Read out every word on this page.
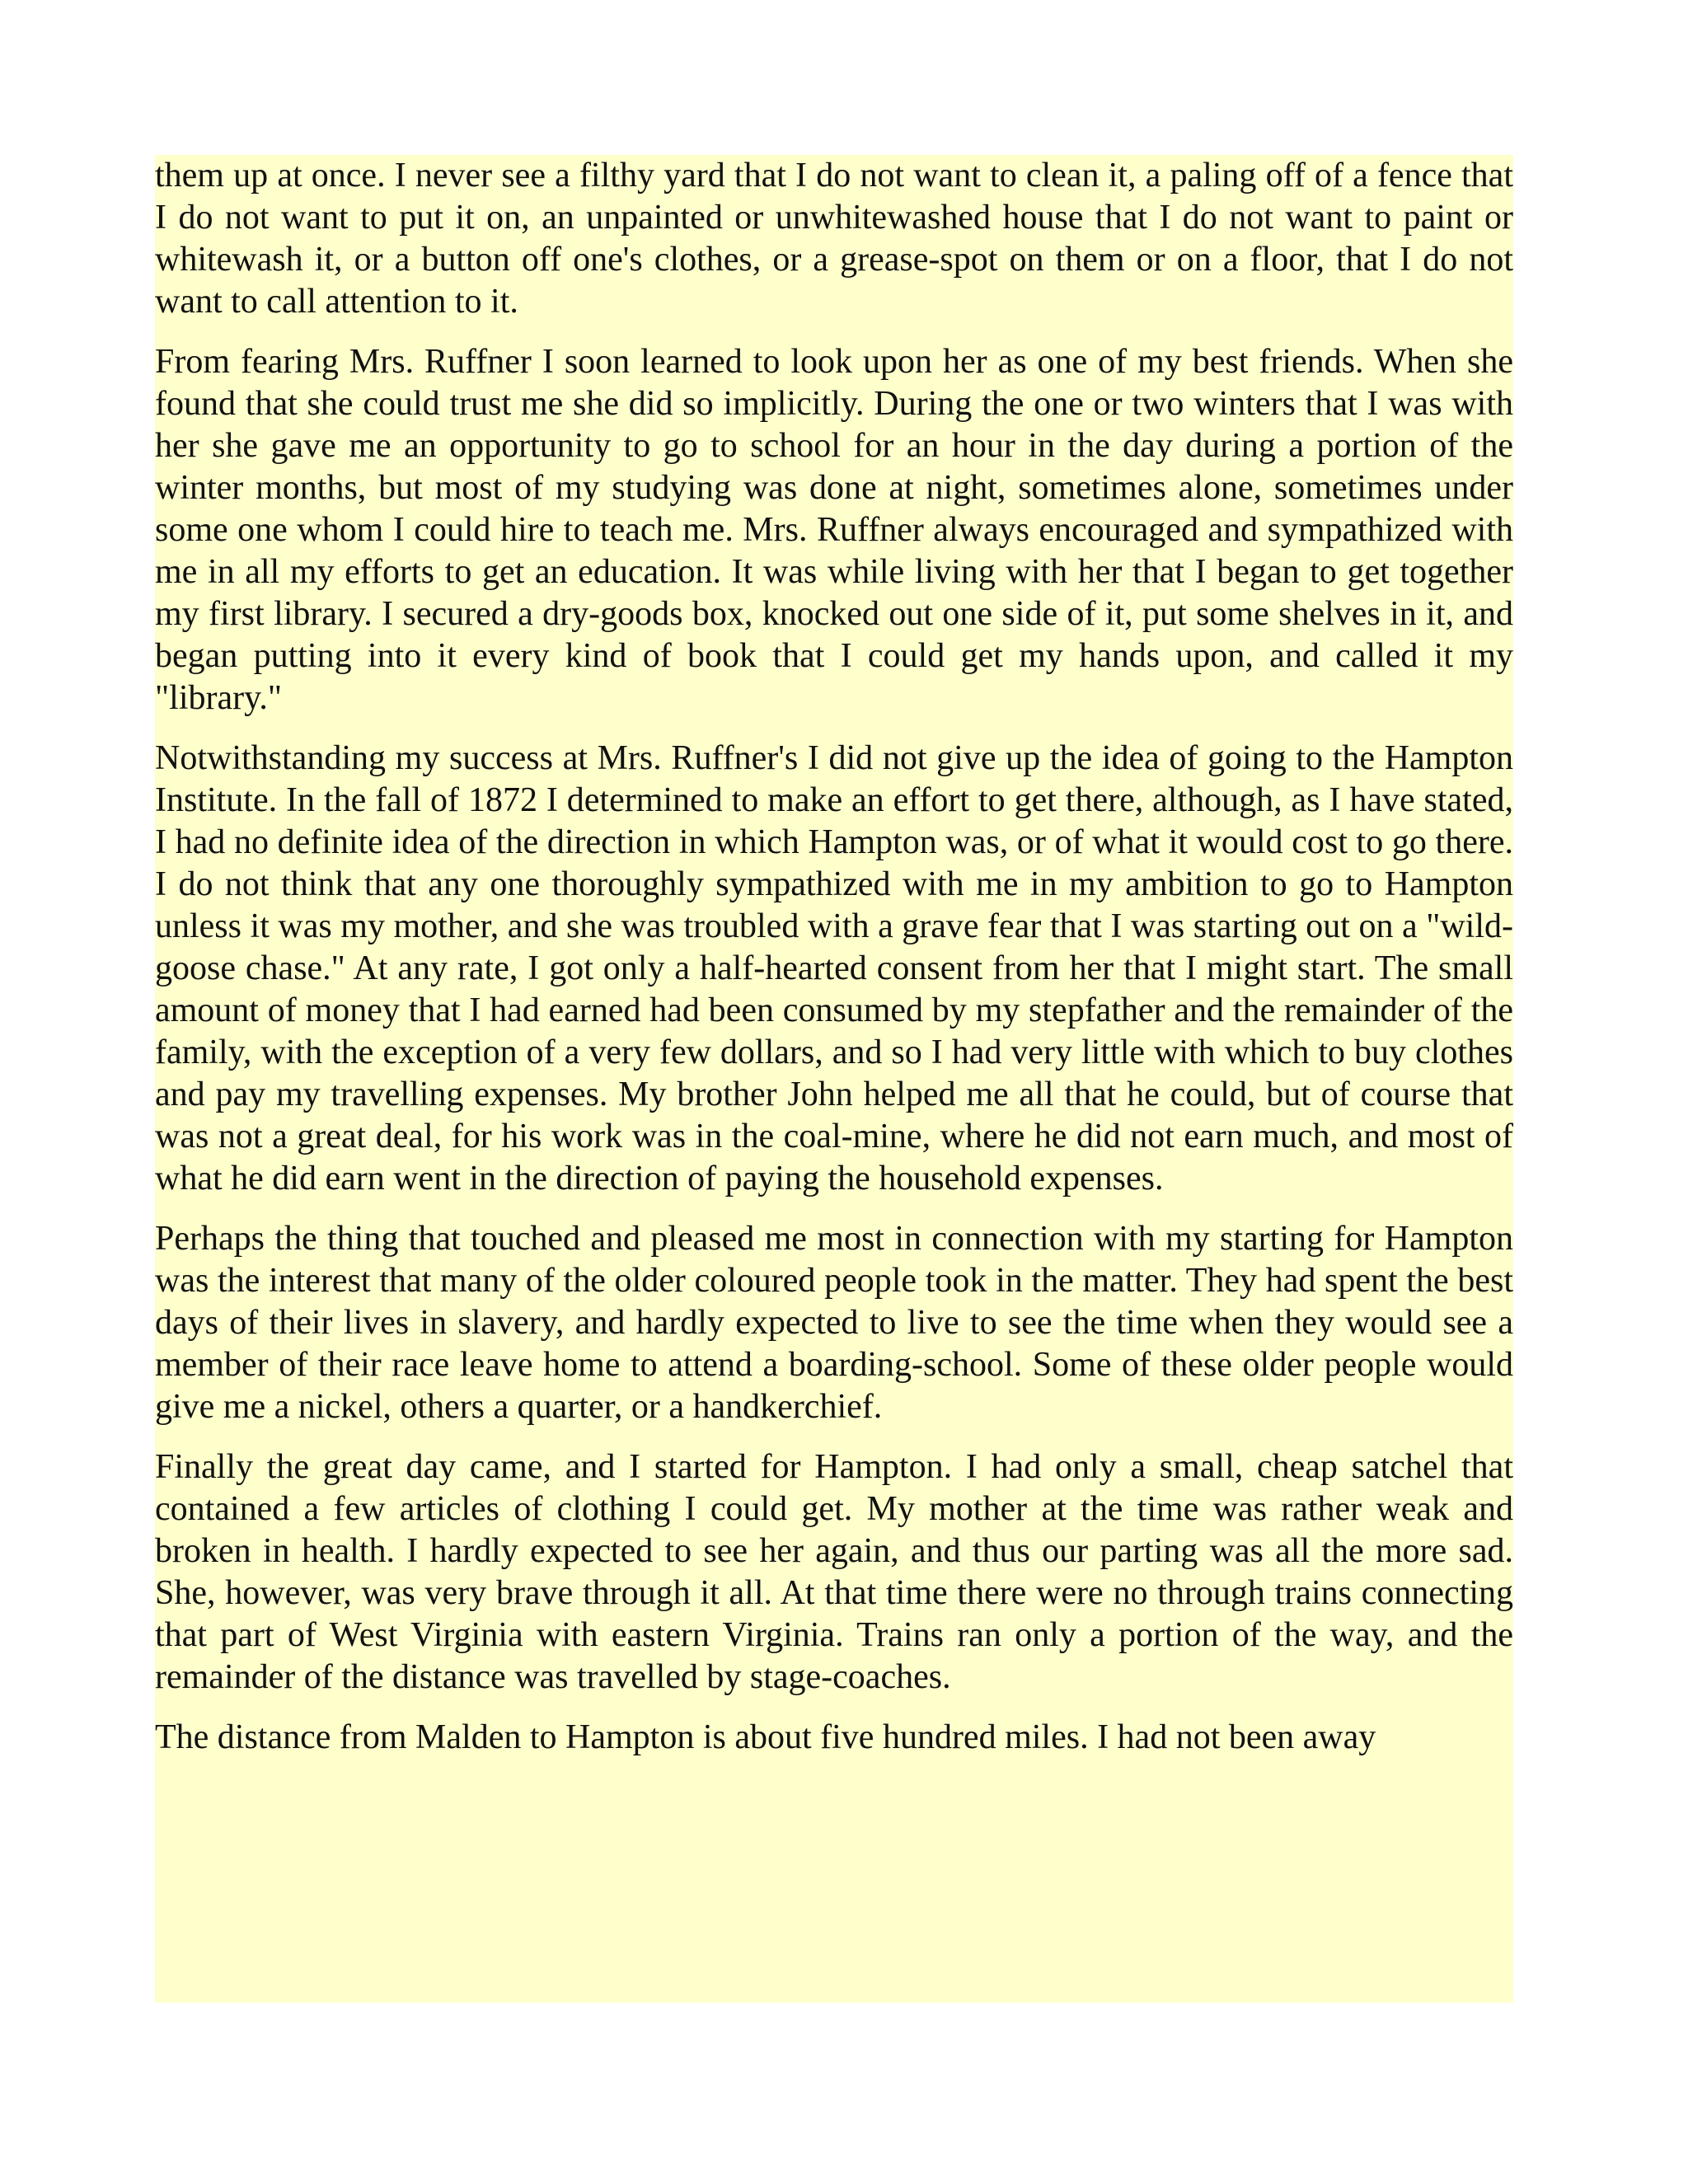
them up at once. I never see a filthy yard that I do not want to clean it, a paling off of a fence that I do not want to put it on, an unpainted or unwhitewashed house that I do not want to paint or whitewash it, or a button off one's clothes, or a grease-spot on them or on a floor, that I do not want to call attention to it.

From fearing Mrs. Ruffner I soon learned to look upon her as one of my best friends. When she found that she could trust me she did so implicitly. During the one or two winters that I was with her she gave me an opportunity to go to school for an hour in the day during a portion of the winter months, but most of my studying was done at night, sometimes alone, sometimes under some one whom I could hire to teach me. Mrs. Ruffner always encouraged and sympathized with me in all my efforts to get an education. It was while living with her that I began to get together my first library. I secured a dry-goods box, knocked out one side of it, put some shelves in it, and began putting into it every kind of book that I could get my hands upon, and called it my "library."

Notwithstanding my success at Mrs. Ruffner's I did not give up the idea of going to the Hampton Institute. In the fall of 1872 I determined to make an effort to get there, although, as I have stated, I had no definite idea of the direction in which Hampton was, or of what it would cost to go there. I do not think that any one thoroughly sympathized with me in my ambition to go to Hampton unless it was my mother, and she was troubled with a grave fear that I was starting out on a "wild-goose chase." At any rate, I got only a half-hearted consent from her that I might start. The small amount of money that I had earned had been consumed by my stepfather and the remainder of the family, with the exception of a very few dollars, and so I had very little with which to buy clothes and pay my travelling expenses. My brother John helped me all that he could, but of course that was not a great deal, for his work was in the coal-mine, where he did not earn much, and most of what he did earn went in the direction of paying the household expenses.

Perhaps the thing that touched and pleased me most in connection with my starting for Hampton was the interest that many of the older coloured people took in the matter. They had spent the best days of their lives in slavery, and hardly expected to live to see the time when they would see a member of their race leave home to attend a boarding-school. Some of these older people would give me a nickel, others a quarter, or a handkerchief.

Finally the great day came, and I started for Hampton. I had only a small, cheap satchel that contained a few articles of clothing I could get. My mother at the time was rather weak and broken in health. I hardly expected to see her again, and thus our parting was all the more sad. She, however, was very brave through it all. At that time there were no through trains connecting that part of West Virginia with eastern Virginia. Trains ran only a portion of the way, and the remainder of the distance was travelled by stage-coaches.

The distance from Malden to Hampton is about five hundred miles. I had not been away
